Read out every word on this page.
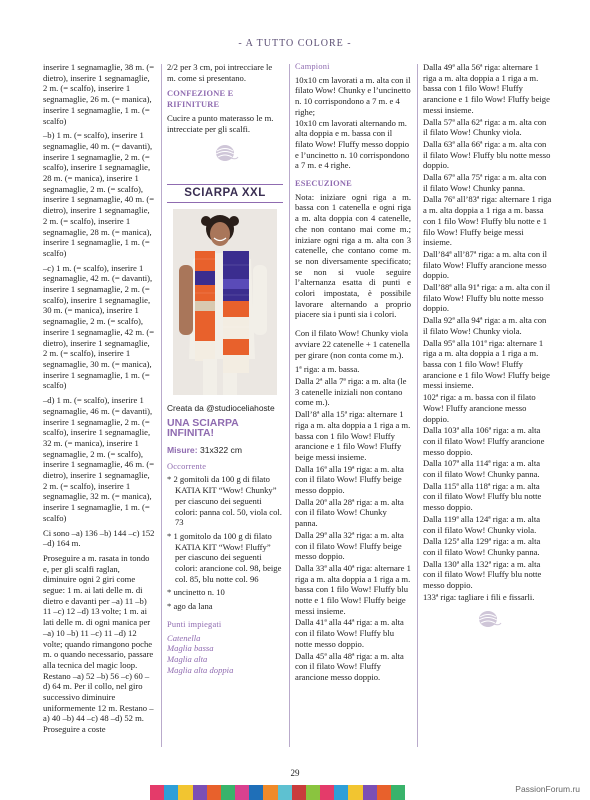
- A TUTTO COLORE -

inserire 1 segnamaglie, 38 m. (= dietro), inserire 1 segnamaglie, 2 m. (= scalfo), inserire 1 segnamaglie, 26 m. (= manica), inserire 1 segnamaglie, 1 m. (= scalfo)

–b) 1 m. (= scalfo), inserire 1 segnamaglie, 40 m. (= davanti), inserire 1 segnamaglie, 2 m. (= scalfo), inserire 1 segnamaglie, 28 m. (= manica), inserire 1 segnamaglie, 2 m. (= scalfo), inserire 1 segnamaglie, 40 m. (= dietro), inserire 1 segnamaglie, 2 m. (= scalfo), inserire 1 segnamaglie, 28 m. (= manica), inserire 1 segnamaglie, 1 m. (= scalfo)

–c) 1 m. (= scalfo), inserire 1 segnamaglie, 42 m. (= davanti), inserire 1 segnamaglie, 2 m. (= scalfo), inserire 1 segnamaglie, 30 m. (= manica), inserire 1 segnamaglie, 2 m. (= scalfo), inserire 1 segnamaglie, 42 m. (= dietro), inserire 1 segnamaglie, 2 m. (= scalfo), inserire 1 segnamaglie, 30 m. (= manica), inserire 1 segnamaglie, 1 m. (= scalfo)

–d) 1 m. (= scalfo), inserire 1 segnamaglie, 46 m. (= davanti), inserire 1 segnamaglie, 2 m. (= scalfo), inserire 1 segnamaglie, 32 m. (= manica), inserire 1 segnamaglie, 2 m. (= scalfo), inserire 1 segnamaglie, 46 m. (= dietro), inserire 1 segnamaglie, 2 m. (= scalfo), inserire 1 segnamaglie, 32 m. (= manica), inserire 1 segnamaglie, 1 m. (= scalfo)

Ci sono –a) 136 –b) 144 –c) 152 –d) 164 m.

Proseguire a m. rasata in tondo e, per gli scalfi raglan, diminuire ogni 2 giri come segue: 1 m. ai lati delle m. di dietro e davanti per –a) 11 –b) 11 –c) 12 –d) 13 volte; 1 m. ai lati delle m. di ogni manica per –a) 10 –b) 11 –c) 11 –d) 12 volte; quando rimangono poche m. o quando necessario, passare alla tecnica del magic loop. Restano –a) 52 –b) 56 –c) 60 –d) 64 m. Per il collo, nel giro successivo diminuire uniformemente 12 m. Restano –a) 40 –b) 44 –c) 48 –d) 52 m. Proseguire a coste

2/2 per 3 cm, poi intrecciare le m. come si presentano.

CONFEZIONE E RIFINITURE

Cucire a punto materasso le m. intrecciate per gli scalfi.

SCIARPA XXL
Creata da @studioceliahoste
UNA SCIARPA INFINITA!
Misure: 31x322 cm
Occorrente

* 2 gomitoli da 100 g di filato KATIA KIT “Wow! Chunky” per ciascuno dei seguenti colori: panna col. 50, viola col. 73

* 1 gomitolo da 100 g di filato KATIA KIT “Wow! Fluffy” per ciascuno dei seguenti colori: arancione col. 98, beige col. 85, blu notte col. 96

* uncinetto n. 10

* ago da lana

Punti impiegati

Catenella

Maglia bassa

Maglia alta

Maglia alta doppia

Campioni

10x10 cm lavorati a m. alta con il filato Wow! Chunky e l’uncinetto n. 10 corrispondono a 7 m. e 4 righe;

10x10 cm lavorati alternando m. alta doppia e m. bassa con il filato Wow! Fluffy messo doppio e l’uncinetto n. 10 corrispondono a 7 m. e 4 righe.

ESECUZIONE

Nota: iniziare ogni riga a m. bassa con 1 catenella e ogni riga a m. alta doppia con 4 catenelle, che non contano mai come m.; iniziare ogni riga a m. alta con 3 catenelle, che contano come m. se non diversamente specificato; se non si vuole seguire l’alternanza esatta di punti e colori impostata, è possibile lavorare alternando a proprio piacere sia i punti sia i colori.

Con il filato Wow! Chunky viola avviare 22 catenelle + 1 catenella per girare (non conta come m.).

1ª riga: a m. bassa.

Dalla 2ª alla 7ª riga: a m. alta (le 3 catenelle iniziali non contano come m.).

Dall’8ª alla 15ª riga: alternare 1 riga a m. alta doppia a 1 riga a m. bassa con 1 filo Wow! Fluffy arancione e 1 filo Wow! Fluffy beige messi insieme.

Dalla 16ª alla 19ª riga: a m. alta con il filato Wow! Fluffy beige messo doppio.

Dalla 20ª alla 28ª riga: a m. alta con il filato Wow! Chunky panna.

Dalla 29ª alla 32ª riga: a m. alta con il filato Wow! Fluffy beige messo doppio.

Dalla 33ª alla 40ª riga: alternare 1 riga a m. alta doppia a 1 riga a m. bassa con 1 filo Wow! Fluffy blu notte e 1 filo Wow! Fluffy beige messi insieme.

Dalla 41ª alla 44ª riga: a m. alta con il filato Wow! Fluffy blu notte messo doppio.

Dalla 45ª alla 48ª riga: a m. alta con il filato Wow! Fluffy arancione messo doppio.

Dalla 49ª alla 56ª riga: alternare 1 riga a m. alta doppia a 1 riga a m. bassa con 1 filo Wow! Fluffy arancione e 1 filo Wow! Fluffy beige messi insieme.

Dalla 57ª alla 62ª riga: a m. alta con il filato Wow! Chunky viola.

Dalla 63ª alla 66ª riga: a m. alta con il filato Wow! Fluffy blu notte messo doppio.

Dalla 67ª alla 75ª riga: a m. alta con il filato Wow! Chunky panna.

Dalla 76ª all’83ª riga: alternare 1 riga a m. alta doppia a 1 riga a m. bassa con 1 filo Wow! Fluffy blu notte e 1 filo Wow! Fluffy beige messi insieme.

Dall’84ª all’87ª riga: a m. alta con il filato Wow! Fluffy arancione messo doppio.

Dall’88ª alla 91ª riga: a m. alta con il filato Wow! Fluffy blu notte messo doppio.

Dalla 92ª alla 94ª riga: a m. alta con il filato Wow! Chunky viola.

Dalla 95ª alla 101ª riga: alternare 1 riga a m. alta doppia a 1 riga a m. bassa con 1 filo Wow! Fluffy arancione e 1 filo Wow! Fluffy beige messi insieme.

102ª riga: a m. bassa con il filato Wow! Fluffy arancione messo doppio.

Dalla 103ª alla 106ª riga: a m. alta con il filato Wow! Fluffy arancione messo doppio.

Dalla 107ª alla 114ª riga: a m. alta con il filato Wow! Chunky panna.

Dalla 115ª alla 118ª riga: a m. alta con il filato Wow! Fluffy blu notte messo doppio.

Dalla 119ª alla 124ª riga: a m. alta con il filato Wow! Chunky viola.

Dalla 125ª alla 129ª riga: a m. alta con il filato Wow! Chunky panna.

Dalla 130ª alla 132ª riga: a m. alta con il filato Wow! Fluffy blu notte messo doppio.

133ª riga: tagliare i fili e fissarli.

29
PassionForum.ru
